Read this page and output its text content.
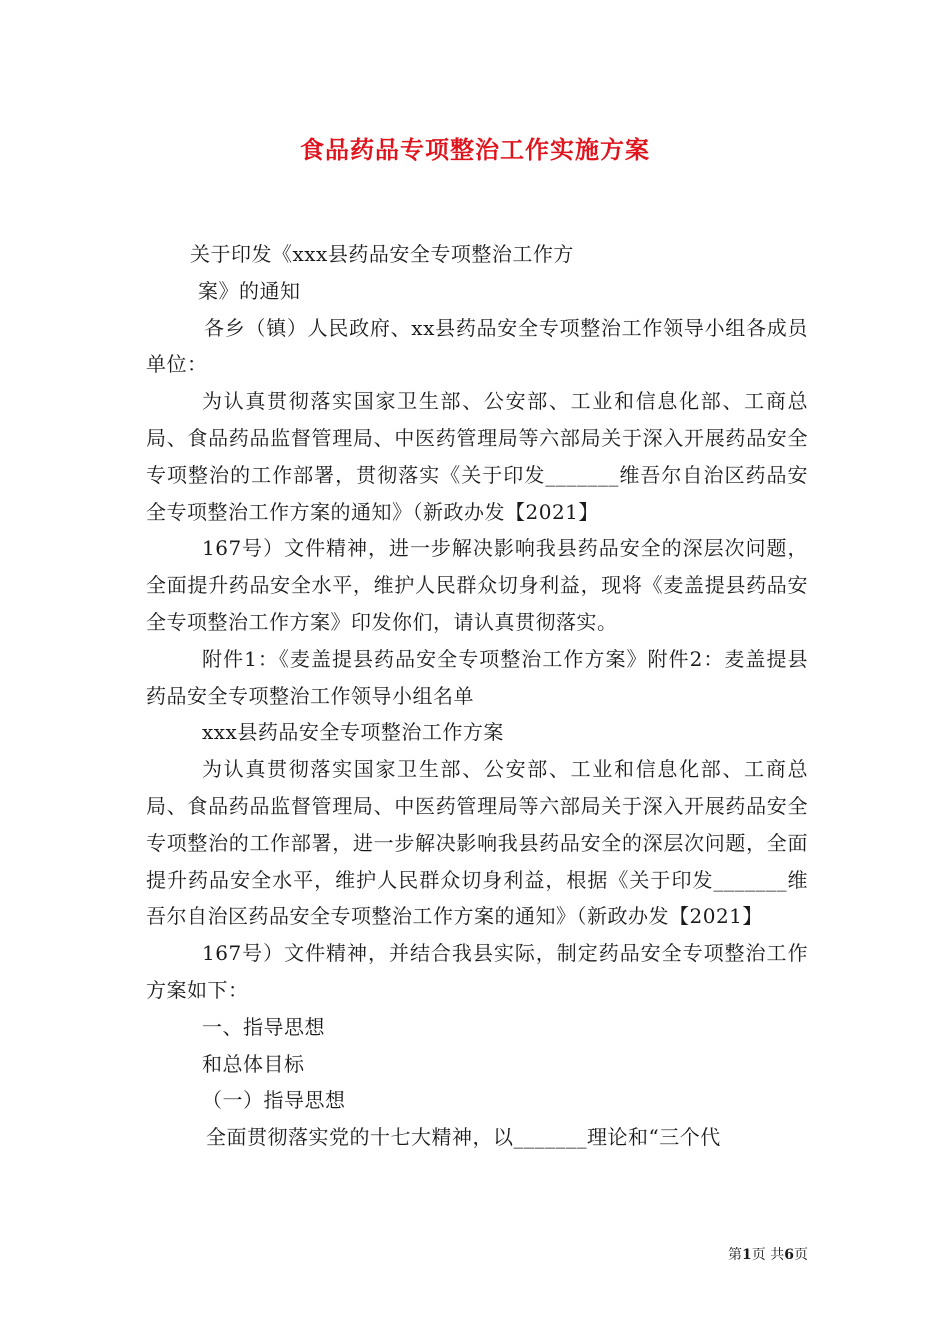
食品药品专项整治工作实施方案

关于印发《xxx县药品安全专项整治工作方

案》的通知

各乡（镇）人民政府、xx县药品安全专项整治工作领导小组各成员单位：

为认真贯彻落实国家卫生部、公安部、工业和信息化部、工商总局、食品药品监督管理局、中医药管理局等六部局关于深入开展药品安全专项整治的工作部署，贯彻落实《关于印发_______维吾尔自治区药品安全专项整治工作方案的通知》（新政办发【2021】

167号）文件精神，进一步解决影响我县药品安全的深层次问题，全面提升药品安全水平，维护人民群众切身利益，现将《麦盖提县药品安全专项整治工作方案》印发你们，请认真贯彻落实。

附件1：《麦盖提县药品安全专项整治工作方案》附件2：麦盖提县药品安全专项整治工作领导小组名单

xxx县药品安全专项整治工作方案

为认真贯彻落实国家卫生部、公安部、工业和信息化部、工商总局、食品药品监督管理局、中医药管理局等六部局关于深入开展药品安全专项整治的工作部署，进一步解决影响我县药品安全的深层次问题，全面提升药品安全水平，维护人民群众切身利益，根据《关于印发_______维吾尔自治区药品安全专项整治工作方案的通知》（新政办发【2021】

167号）文件精神，并结合我县实际，制定药品安全专项整治工作方案如下：

一、指导思想

和总体目标

（一）指导思想

全面贯彻落实党的十七大精神，以_______理论和“三个代

第1页 共6页
